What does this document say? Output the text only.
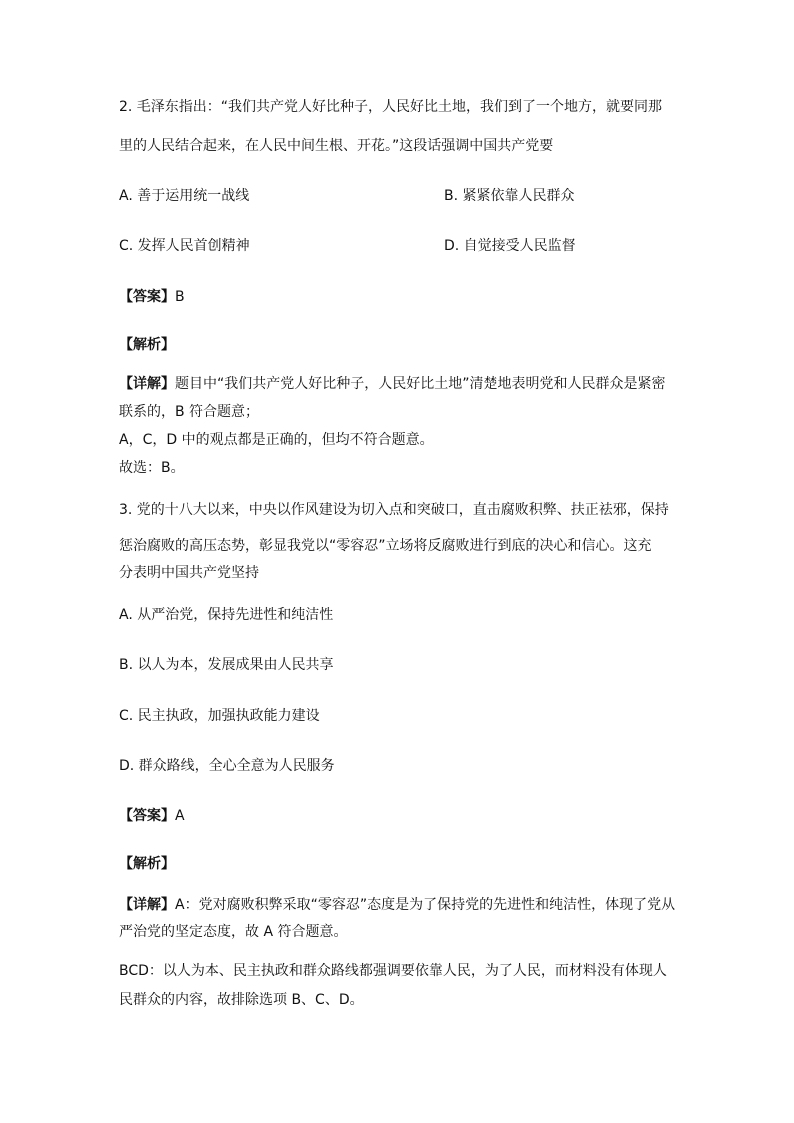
2. 毛泽东指出：“我们共产党人好比种子，人民好比土地，我们到了一个地方，就要同那
里的人民结合起来，在人民中间生根、开花。”这段话强调中国共产党要
A. 善于运用统一战线	B. 紧紧依靠人民群众
C. 发挥人民首创精神	D. 自觉接受人民监督
【答案】B
【解析】
【详解】题目中“我们共产党人好比种子，人民好比土地”清楚地表明党和人民群众是紧密
联系的，B 符合题意；
A，C，D 中的观点都是正确的，但均不符合题意。
故选：B。
3. 党的十八大以来，中央以作风建设为切入点和突破口，直击腐败积弊、扶正祛邪，保持
惩治腐败的高压态势，彰显我党以“零容忍”立场将反腐败进行到底的决心和信心。这充
分表明中国共产党坚持
A. 从严治党，保持先进性和纯洁性
B. 以人为本，发展成果由人民共享
C. 民主执政，加强执政能力建设
D. 群众路线，全心全意为人民服务
【答案】A
【解析】
【详解】A：党对腐败积弊采取“零容忍”态度是为了保持党的先进性和纯洁性，体现了党从
严治党的坚定态度，故 A 符合题意。
BCD：以人为本、民主执政和群众路线都强调要依靠人民，为了人民，而材料没有体现人
民群众的内容，故排除选项 B、C、D。
